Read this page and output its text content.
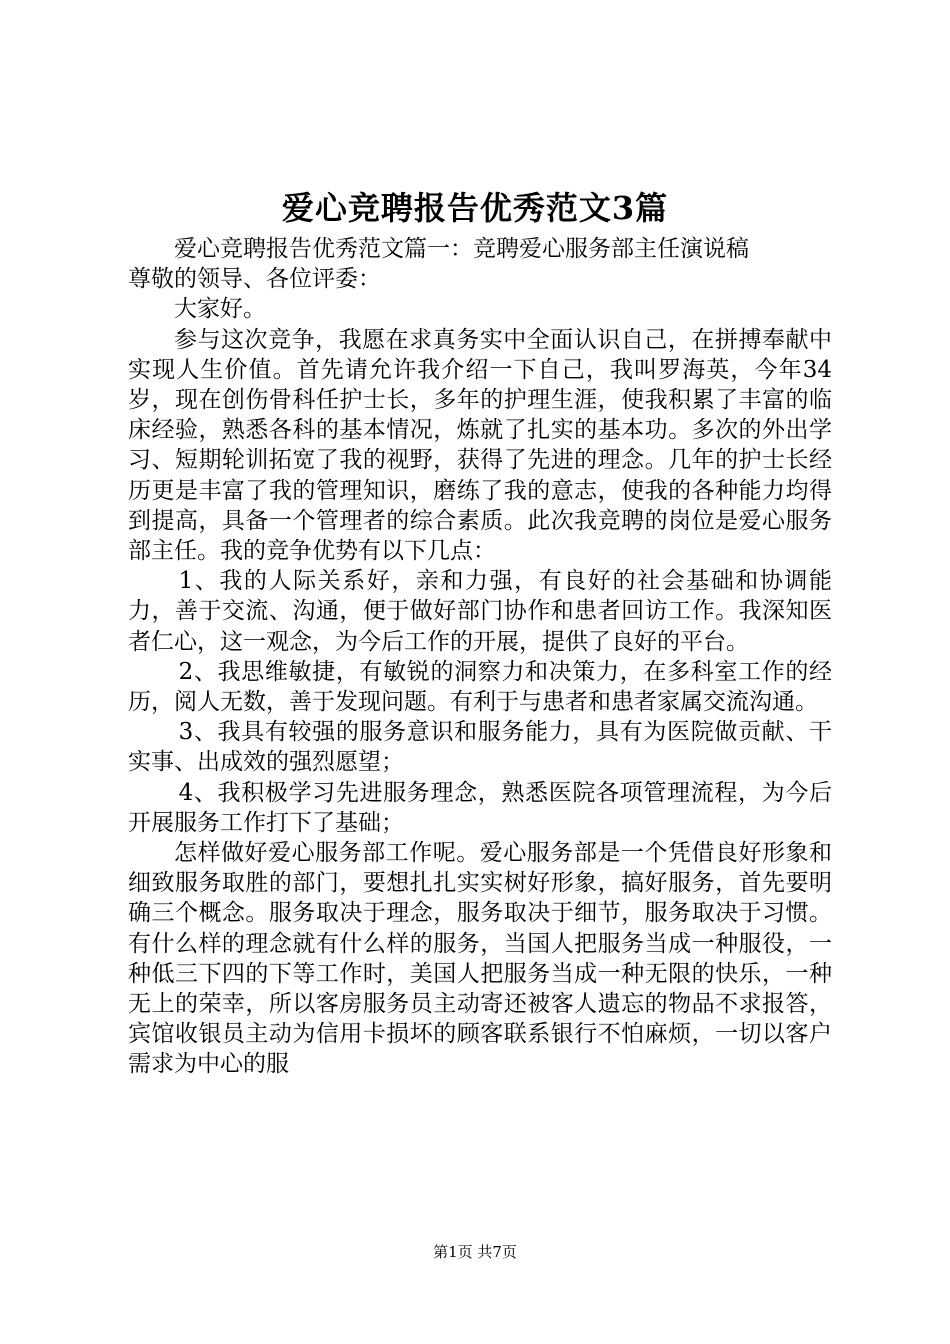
爱心竞聘报告优秀范文3篇

爱心竞聘报告优秀范文篇一：竞聘爱心服务部主任演说稿

尊敬的领导、各位评委：

大家好。

参与这次竞争，我愿在求真务实中全面认识自己，在拼搏奉献中实现人生价值。首先请允许我介绍一下自己，我叫罗海英，今年34岁，现在创伤骨科任护士长，多年的护理生涯，使我积累了丰富的临床经验，熟悉各科的基本情况，炼就了扎实的基本功。多次的外出学习、短期轮训拓宽了我的视野，获得了先进的理念。几年的护士长经历更是丰富了我的管理知识，磨练了我的意志，使我的各种能力均得到提高，具备一个管理者的综合素质。此次我竞聘的岗位是爱心服务部主任。我的竞争优势有以下几点：

1、我的人际关系好，亲和力强，有良好的社会基础和协调能力，善于交流、沟通，便于做好部门协作和患者回访工作。我深知医者仁心，这一观念，为今后工作的开展，提供了良好的平台。

2、我思维敏捷，有敏锐的洞察力和决策力，在多科室工作的经历，阅人无数，善于发现问题。有利于与患者和患者家属交流沟通。

3、我具有较强的服务意识和服务能力，具有为医院做贡献、干实事、出成效的强烈愿望；

4、我积极学习先进服务理念，熟悉医院各项管理流程，为今后开展服务工作打下了基础；

怎样做好爱心服务部工作呢。爱心服务部是一个凭借良好形象和细致服务取胜的部门，要想扎扎实实树好形象，搞好服务，首先要明确三个概念。服务取决于理念，服务取决于细节，服务取决于习惯。有什么样的理念就有什么样的服务，当国人把服务当成一种服役，一种低三下四的下等工作时，美国人把服务当成一种无限的快乐，一种无上的荣幸，所以客房服务员主动寄还被客人遗忘的物品不求报答，宾馆收银员主动为信用卡损坏的顾客联系银行不怕麻烦，一切以客户需求为中心的服

第1页 共7页
